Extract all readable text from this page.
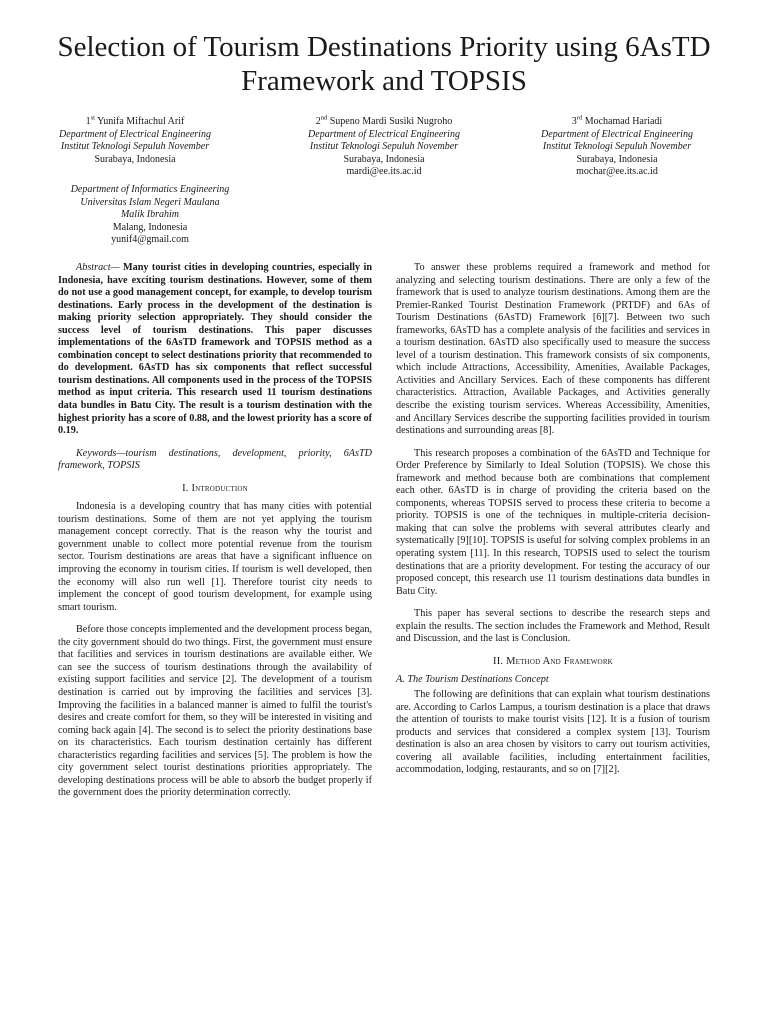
Selection of Tourism Destinations Priority using 6AsTD Framework and TOPSIS
1st Yunifa Miftachul Arif
Department of Electrical Engineering
Institut Teknologi Sepuluh November
Surabaya, Indonesia
2nd Supeno Mardi Susiki Nugroho
Department of Electrical Engineering
Institut Teknologi Sepuluh November
Surabaya, Indonesia
mardi@ee.its.ac.id
3rd Mochamad Hariadi
Department of Electrical Engineering
Institut Teknologi Sepuluh November
Surabaya, Indonesia
mochar@ee.its.ac.id
Department of Informatics Engineering
Universitas Islam Negeri Maulana
Malik Ibrahim
Malang, Indonesia
yunif4@gmail.com

Abstract— Many tourist cities in developing countries, especially in Indonesia, have exciting tourism destinations. However, some of them do not use a good management concept, for example, to develop tourism destinations. Early process in the development of the destination is making priority selection appropriately. They should consider the success level of tourism destinations. This paper discusses implementations of the 6AsTD framework and TOPSIS method as a combination concept to select destinations priority that recommended to do development. 6AsTD has six components that reflect successful tourism destinations. All components used in the process of the TOPSIS method as input criteria. This research used 11 tourism destinations data bundles in Batu City. The result is a tourism destination with the highest priority has a score of 0.88, and the lowest priority has a score of 0.19.

Keywords—tourism destinations, development, priority, 6AsTD framework, TOPSIS

I. Introduction

Indonesia is a developing country that has many cities with potential tourism destinations. Some of them are not yet applying the tourism management concept correctly. That is the reason why the tourist and government unable to collect more potential revenue from the tourism sector. Tourism destinations are areas that have a significant influence on improving the economy in tourism cities. If tourism is well developed, then the economy will also run well [1]. Therefore tourist city needs to implement the concept of good tourism development, for example using smart tourism.

Before those concepts implemented and the development process began, the city government should do two things. First, the government must ensure that facilities and services in tourism destinations are available either. We can see the success of tourism destinations through the availability of existing support facilities and service [2]. The development of a tourism destination is carried out by improving the facilities and services [3]. Improving the facilities in a balanced manner is aimed to fulfil the tourist's desires and create comfort for them, so they will be interested in visiting and coming back again [4]. The second is to select the priority destinations base on its characteristics. Each tourism destination certainly has different characteristics regarding facilities and services [5]. The problem is how the city government select tourist destinations priorities appropriately. The developing destinations process will be able to absorb the budget properly if the government does the priority determination correctly.

To answer these problems required a framework and method for analyzing and selecting tourism destinations. There are only a few of the framework that is used to analyze tourism destinations. Among them are the Premier-Ranked Tourist Destination Framework (PRTDF) and 6As of Tourism Destinations (6AsTD) Framework [6][7]. Between two such frameworks, 6AsTD has a complete analysis of the facilities and services in a tourism destination. 6AsTD also specifically used to measure the success level of a tourism destination. This framework consists of six components, which include Attractions, Accessibility, Amenities, Available Packages, Activities and Ancillary Services. Each of these components has different characteristics. Attraction, Available Packages, and Activities generally describe the existing tourism services. Whereas Accessibility, Amenities, and Ancillary Services describe the supporting facilities provided in tourism destinations and surrounding areas [8].

This research proposes a combination of the 6AsTD and Technique for Order Preference by Similarly to Ideal Solution (TOPSIS). We chose this framework and method because both are combinations that complement each other. 6AsTD is in charge of providing the criteria based on the components, whereas TOPSIS served to process these criteria to become a priority. TOPSIS is one of the techniques in multiple-criteria decision-making that can solve the problems with several attributes clearly and systematically [9][10]. TOPSIS is useful for solving complex problems in an operating system [11]. In this research, TOPSIS used to select the tourism destinations that are a priority development. For testing the accuracy of our proposed concept, this research use 11 tourism destinations data bundles in Batu City.

This paper has several sections to describe the research steps and explain the results. The section includes the Framework and Method, Result and Discussion, and the last is Conclusion.

II. Method And Framework
A. The Tourism Destinations Concept

The following are definitions that can explain what tourism destinations are. According to Carlos Lampus, a tourism destination is a place that draws the attention of tourists to make tourist visits [12]. It is a fusion of tourism products and services that considered a complex system [13]. Tourism destination is also an area chosen by visitors to carry out tourism activities, covering all available facilities, including entertainment facilities, accommodation, lodging, restaurants, and so on [7][2].
